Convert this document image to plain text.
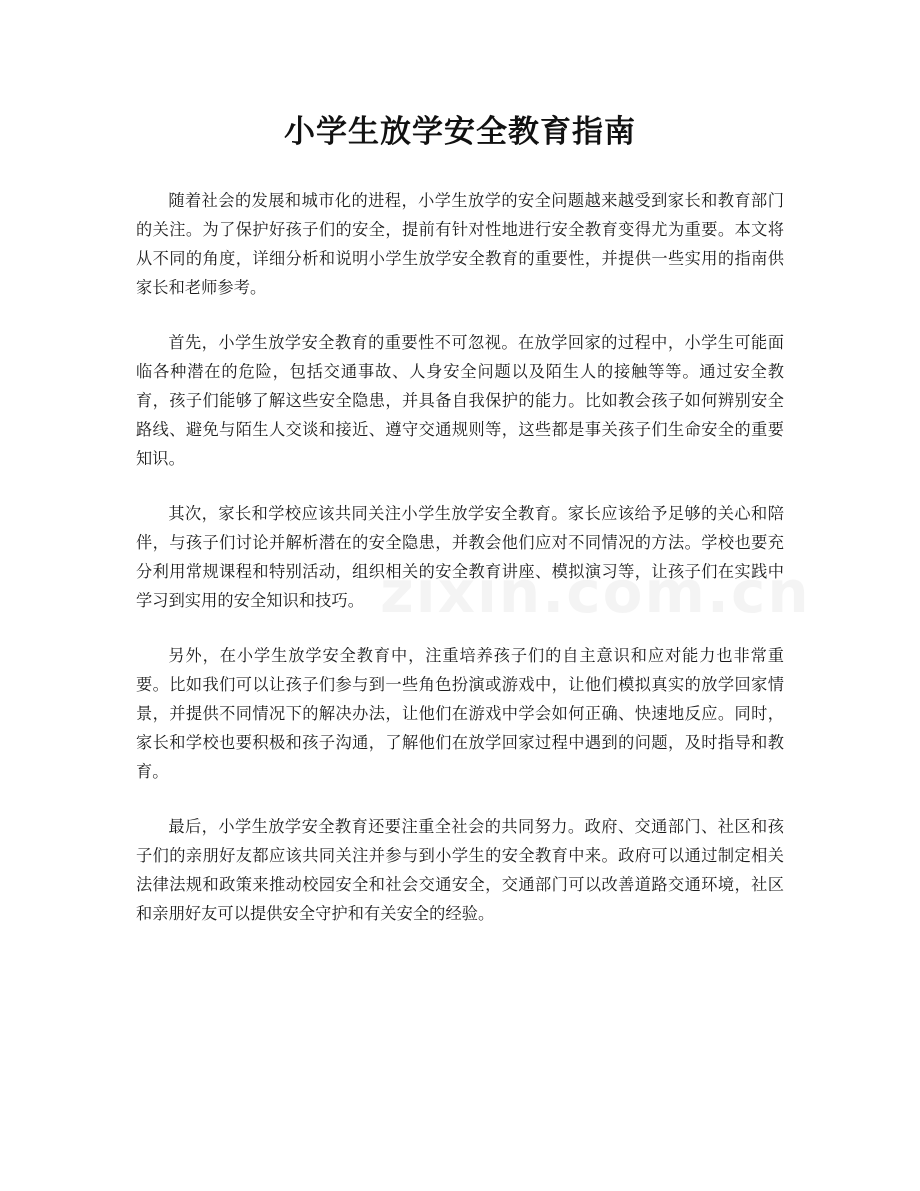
小学生放学安全教育指南

随着社会的发展和城市化的进程，小学生放学的安全问题越来越受到家长和教育部门的关注。为了保护好孩子们的安全，提前有针对性地进行安全教育变得尤为重要。本文将从不同的角度，详细分析和说明小学生放学安全教育的重要性，并提供一些实用的指南供家长和老师参考。

首先，小学生放学安全教育的重要性不可忽视。在放学回家的过程中，小学生可能面临各种潜在的危险，包括交通事故、人身安全问题以及陌生人的接触等等。通过安全教育，孩子们能够了解这些安全隐患，并具备自我保护的能力。比如教会孩子如何辨别安全路线、避免与陌生人交谈和接近、遵守交通规则等，这些都是事关孩子们生命安全的重要知识。

其次，家长和学校应该共同关注小学生放学安全教育。家长应该给予足够的关心和陪伴，与孩子们讨论并解析潜在的安全隐患，并教会他们应对不同情况的方法。学校也要充分利用常规课程和特别活动，组织相关的安全教育讲座、模拟演习等，让孩子们在实践中学习到实用的安全知识和技巧。

另外，在小学生放学安全教育中，注重培养孩子们的自主意识和应对能力也非常重要。比如我们可以让孩子们参与到一些角色扮演或游戏中，让他们模拟真实的放学回家情景，并提供不同情况下的解决办法，让他们在游戏中学会如何正确、快速地反应。同时，家长和学校也要积极和孩子沟通，了解他们在放学回家过程中遇到的问题，及时指导和教育。

最后，小学生放学安全教育还要注重全社会的共同努力。政府、交通部门、社区和孩子们的亲朋好友都应该共同关注并参与到小学生的安全教育中来。政府可以通过制定相关法律法规和政策来推动校园安全和社会交通安全，交通部门可以改善道路交通环境，社区和亲朋好友可以提供安全守护和有关安全的经验。
